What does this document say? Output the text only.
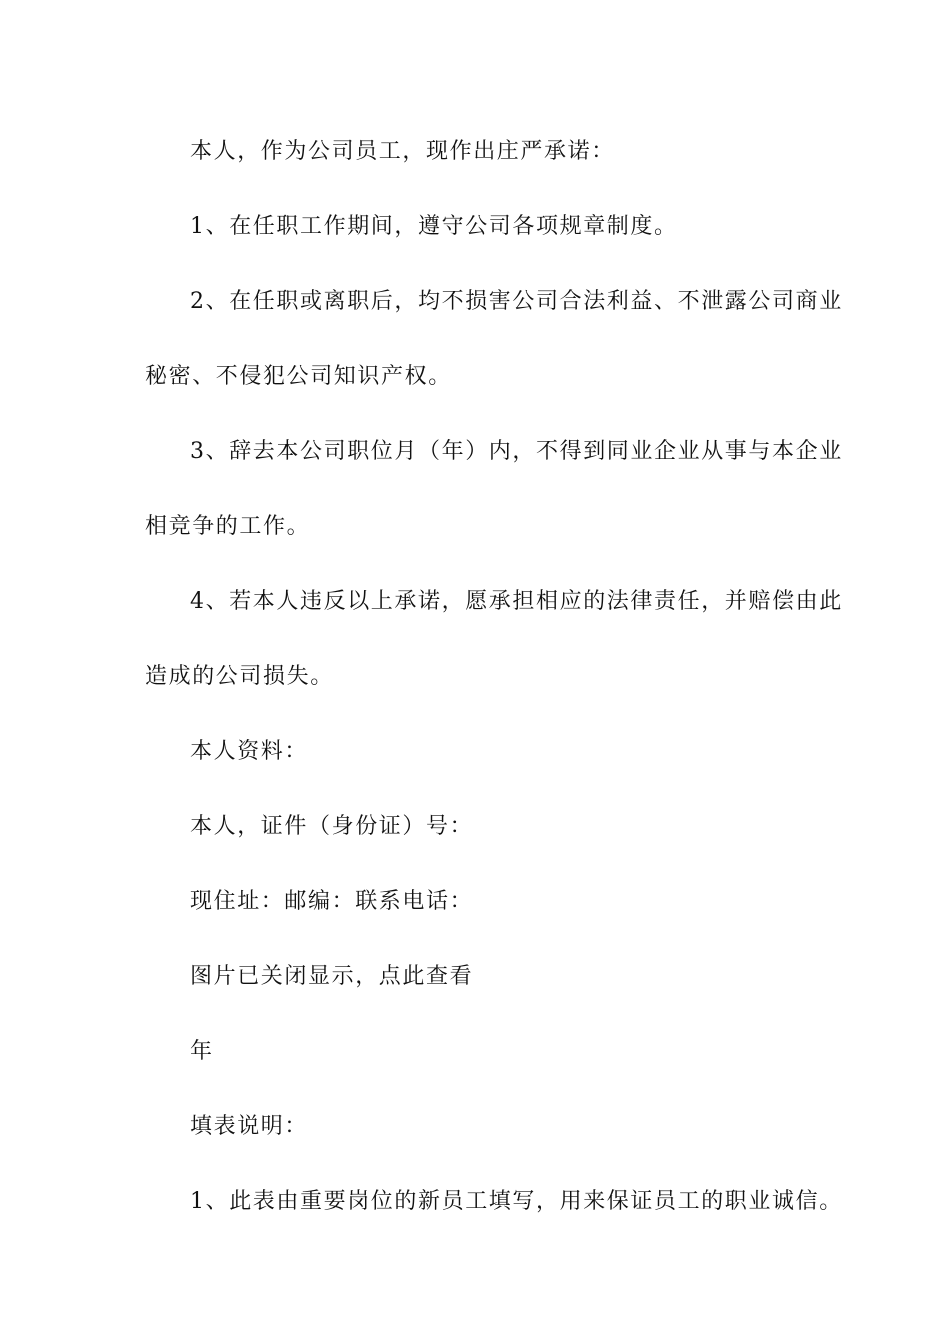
本人，作为公司员工，现作出庄严承诺：
1、在任职工作期间，遵守公司各项规章制度。
2、在任职或离职后，均不损害公司合法利益、不泄露公司商业
秘密、不侵犯公司知识产权。
3、辞去本公司职位月（年）内，不得到同业企业从事与本企业
相竞争的工作。
4、若本人违反以上承诺，愿承担相应的法律责任，并赔偿由此
造成的公司损失。
本人资料：
本人，证件（身份证）号：
现住址：邮编：联系电话：
图片已关闭显示，点此查看
年
填表说明：
1、此表由重要岗位的新员工填写，用来保证员工的职业诚信。
